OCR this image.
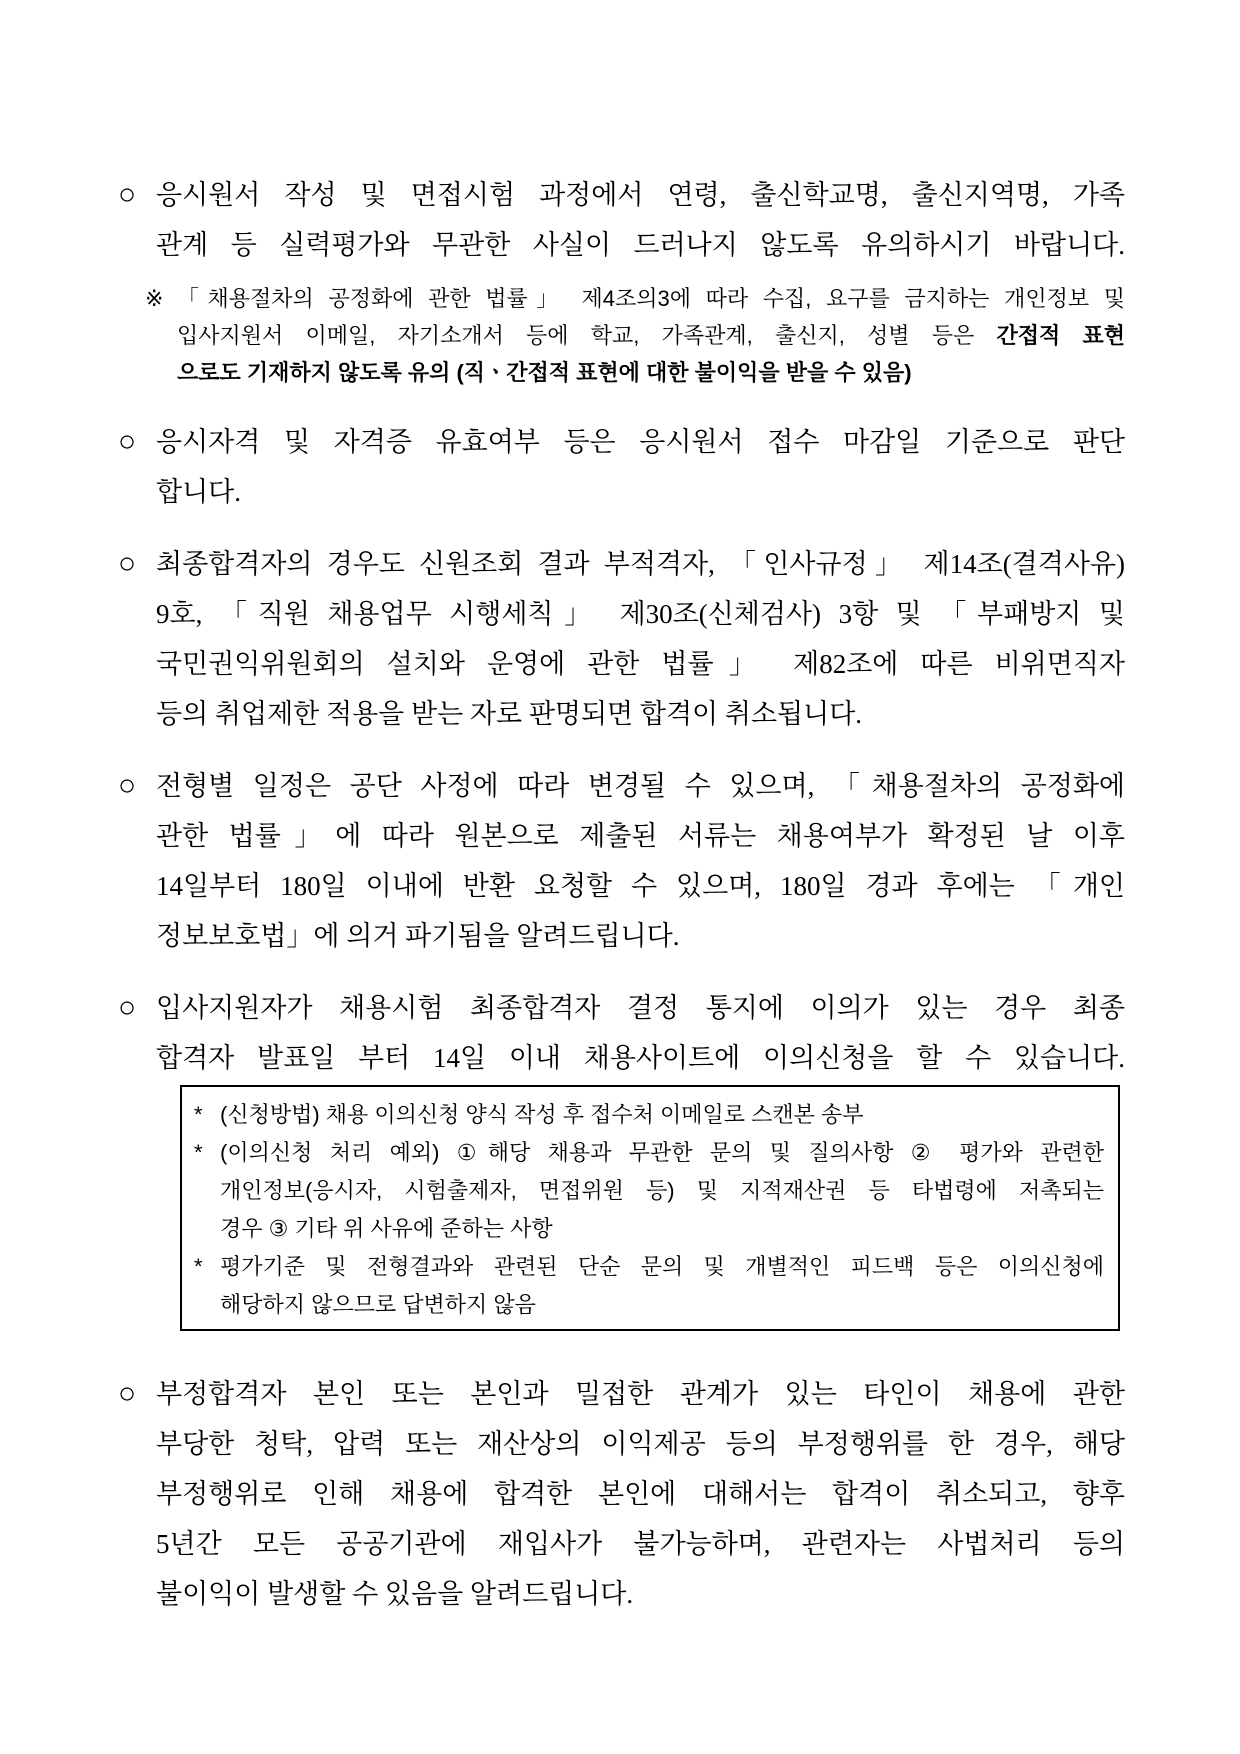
○ 응시원서 작성 및 면접시험 과정에서 연령, 출신학교명, 출신지역명, 가족
관계 등 실력평가와 무관한 사실이 드러나지 않도록 유의하시기 바랍니다.
※ 「채용절차의 공정화에 관한 법률」 제4조의3에 따라 수집, 요구를 금지하는 개인정보 및
입사지원서 이메일, 자기소개서 등에 학교, 가족관계, 출신지, 성별 등은 간접적 표현
으로도 기재하지 않도록 유의 (직ㆍ간접적 표현에 대한 불이익을 받을 수 있음)
○ 응시자격 및 자격증 유효여부 등은 응시원서 접수 마감일 기준으로 판단
합니다.
○ 최종합격자의 경우도 신원조회 결과 부적격자, 「인사규정」 제14조(결격사유)
9호, 「직원 채용업무 시행세칙」 제30조(신체검사) 3항 및 「부패방지 및
국민권익위원회의 설치와 운영에 관한 법률」 제82조에 따른 비위면직자
등의 취업제한 적용을 받는 자로 판명되면 합격이 취소됩니다.
○ 전형별 일정은 공단 사정에 따라 변경될 수 있으며, 「채용절차의 공정화에
관한 법률」에 따라 원본으로 제출된 서류는 채용여부가 확정된 날 이후
14일부터 180일 이내에 반환 요청할 수 있으며, 180일 경과 후에는 「개인
정보보호법」에 의거 파기됨을 알려드립니다.
○ 입사지원자가 채용시험 최종합격자 결정 통지에 이의가 있는 경우 최종
합격자 발표일 부터 14일 이내 채용사이트에 이의신청을 할 수 있습니다.
* (신청방법) 채용 이의신청 양식 작성 후 접수처 이메일로 스캔본 송부
* (이의신청 처리 예외) ①해당 채용과 무관한 문의 및 질의사항 ② 평가와 관련한
개인정보(응시자, 시험출제자, 면접위원 등) 및 지적재산권 등 타법령에 저촉되는
경우 ③ 기타 위 사유에 준하는 사항
* 평가기준 및 전형결과와 관련된 단순 문의 및 개별적인 피드백 등은 이의신청에
해당하지 않으므로 답변하지 않음
○ 부정합격자 본인 또는 본인과 밀접한 관계가 있는 타인이 채용에 관한
부당한 청탁, 압력 또는 재산상의 이익제공 등의 부정행위를 한 경우, 해당
부정행위로 인해 채용에 합격한 본인에 대해서는 합격이 취소되고, 향후
5년간 모든 공공기관에 재입사가 불가능하며, 관련자는 사법처리 등의
불이익이 발생할 수 있음을 알려드립니다.
